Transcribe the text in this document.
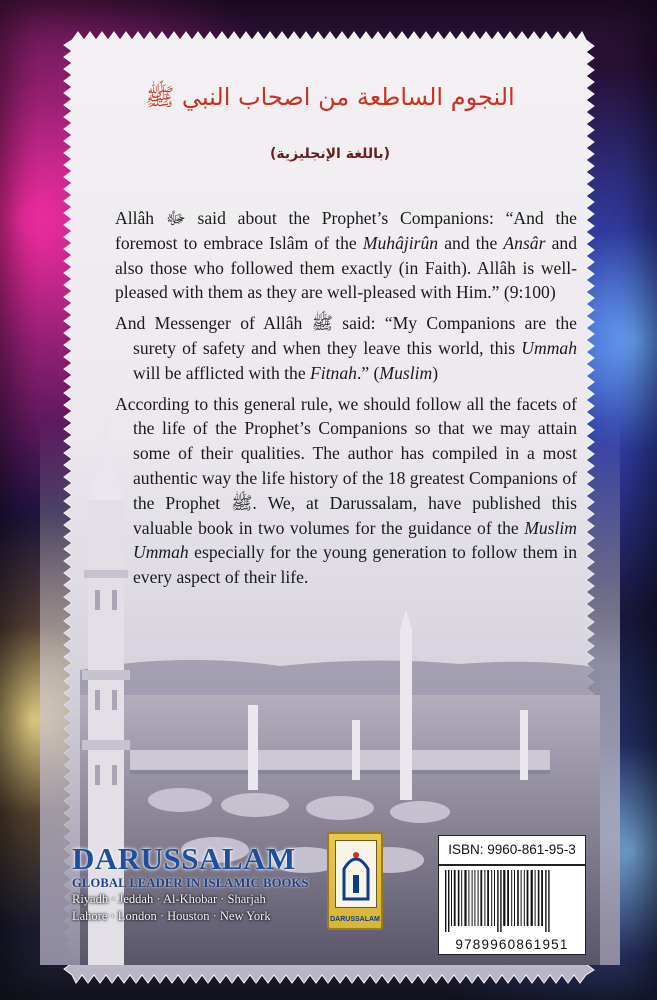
النجوم الساطعة من اصحاب النبي ﷺ
(باللغة الإنجليزية)

Allâh ﷻ said about the Prophet’s Companions: “And the foremost to embrace Islâm of the Muhâjirûn and the Ansâr and also those who followed them exactly (in Faith). Allâh is well-pleased with them as they are well-pleased with Him.” (9:100)

And Messenger of Allâh ﷺ said: “My Companions are the surety of safety and when they leave this world, this Ummah will be afflicted with the Fitnah.” (Muslim)

According to this general rule, we should follow all the facets of the life of the Prophet’s Companions so that we may attain some of their qualities. The author has compiled in a most authentic way the life history of the 18 greatest Companions of the Prophet ﷺ. We, at Darussalam, have published this valuable book in two volumes for the guidance of the Muslim Ummah especially for the young generation to follow them in every aspect of their life.

DARUSSALAM
GLOBAL LEADER IN ISLAMIC BOOKS
Riyadh · Jeddah · Al-Khobar · Sharjah
Lahore · London · Houston · New York	DARUSSALAM
ISBN: 9960-861-95-3
9789960861951
